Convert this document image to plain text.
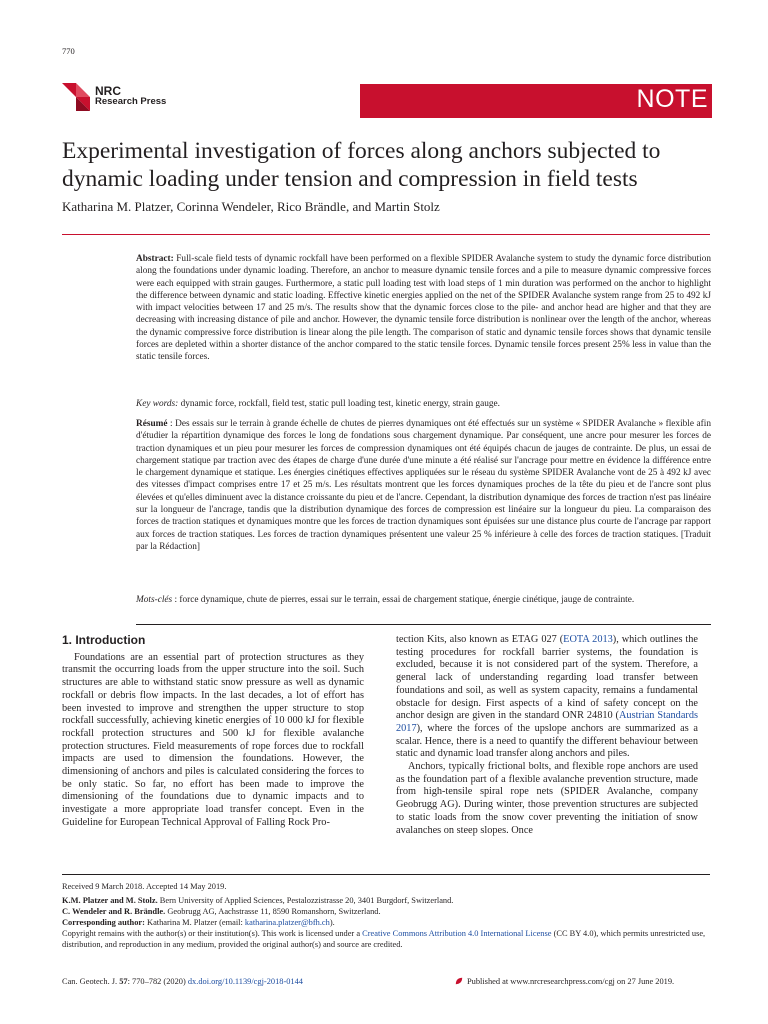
770
NRC
Research Press	NOTE
Experimental investigation of forces along anchors subjected to dynamic loading under tension and compression in field tests
Katharina M. Platzer, Corinna Wendeler, Rico Brändle, and Martin Stolz
Abstract: Full-scale field tests of dynamic rockfall have been performed on a flexible SPIDER Avalanche system to study the dynamic force distribution along the foundations under dynamic loading. Therefore, an anchor to measure dynamic tensile forces and a pile to measure dynamic compressive forces were each equipped with strain gauges. Furthermore, a static pull loading test with load steps of 1 min duration was performed on the anchor to highlight the difference between dynamic and static loading. Effective kinetic energies applied on the net of the SPIDER Avalanche system range from 25 to 492 kJ with impact velocities between 17 and 25 m/s. The results show that the dynamic forces close to the pile- and anchor head are higher and that they are decreasing with increasing distance of pile and anchor. However, the dynamic tensile force distribution is nonlinear over the length of the anchor, whereas the dynamic compressive force distribution is linear along the pile length. The comparison of static and dynamic tensile forces shows that dynamic tensile forces are depleted within a shorter distance of the anchor compared to the static tensile forces. Dynamic tensile forces present 25% less in value than the static tensile forces.
Key words: dynamic force, rockfall, field test, static pull loading test, kinetic energy, strain gauge.
Résumé : Des essais sur le terrain à grande échelle de chutes de pierres dynamiques ont été effectués sur un système « SPIDER Avalanche » flexible afin d'étudier la répartition dynamique des forces le long de fondations sous chargement dynamique. Par conséquent, une ancre pour mesurer les forces de traction dynamiques et un pieu pour mesurer les forces de compression dynamiques ont été équipés chacun de jauges de contrainte. De plus, un essai de chargement statique par traction avec des étapes de charge d'une durée d'une minute a été réalisé sur l'ancrage pour mettre en évidence la différence entre le chargement dynamique et statique. Les énergies cinétiques effectives appliquées sur le réseau du système SPIDER Avalanche vont de 25 à 492 kJ avec des vitesses d'impact comprises entre 17 et 25 m/s. Les résultats montrent que les forces dynamiques proches de la tête du pieu et de l'ancre sont plus élevées et qu'elles diminuent avec la distance croissante du pieu et de l'ancre. Cependant, la distribution dynamique des forces de traction n'est pas linéaire sur la longueur de l'ancrage, tandis que la distribution dynamique des forces de compression est linéaire sur la longueur du pieu. La comparaison des forces de traction statiques et dynamiques montre que les forces de traction dynamiques sont épuisées sur une distance plus courte de l'ancrage par rapport aux forces de traction statiques. Les forces de traction dynamiques présentent une valeur 25 % inférieure à celle des forces de traction statiques. [Traduit par la Rédaction]
Mots-clés : force dynamique, chute de pierres, essai sur le terrain, essai de chargement statique, énergie cinétique, jauge de contrainte.
1. Introduction

Foundations are an essential part of protection structures as they transmit the occurring loads from the upper structure into the soil. Such structures are able to withstand static snow pressure as well as dynamic rockfall or debris flow impacts. In the last decades, a lot of effort has been invested to improve and strengthen the upper structure to stop rockfall successfully, achieving kinetic energies of 10 000 kJ for flexible rockfall protection structures and 500 kJ for flexible avalanche protection structures. Field measurements of rope forces due to rockfall impacts are used to dimension the foundations. However, the dimensioning of anchors and piles is calculated considering the forces to be only static. So far, no effort has been made to improve the dimensioning of the foundations due to dynamic impacts and to investigate a more appropriate load transfer concept. Even in the Guideline for European Technical Approval of Falling Rock Pro-

tection Kits, also known as ETAG 027 (EOTA 2013), which outlines the testing procedures for rockfall barrier systems, the foundation is excluded, because it is not considered part of the system. Therefore, a general lack of understanding regarding load transfer between foundations and soil, as well as system capacity, remains a fundamental obstacle for design. First aspects of a kind of safety concept on the anchor design are given in the standard ONR 24810 (Austrian Standards 2017), where the forces of the upslope anchors are summarized as a scalar. Hence, there is a need to quantify the different behaviour between static and dynamic load transfer along anchors and piles.

Anchors, typically frictional bolts, and flexible rope anchors are used as the foundation part of a flexible avalanche prevention structure, made from high-tensile spiral rope nets (SPIDER Avalanche, company Geobrugg AG). During winter, those prevention structures are subjected to static loads from the snow cover preventing the initiation of snow avalanches on steep slopes. Once

Received 9 March 2018. Accepted 14 May 2019.

K.M. Platzer and M. Stolz. Bern University of Applied Sciences, Pestalozzistrasse 20, 3401 Burgdorf, Switzerland.

C. Wendeler and R. Brändle. Geobrugg AG, Aachstrasse 11, 8590 Romanshorn, Switzerland.

Corresponding author: Katharina M. Platzer (email: katharina.platzer@bfh.ch).

Copyright remains with the author(s) or their institution(s). This work is licensed under a Creative Commons Attribution 4.0 International License (CC BY 4.0), which permits unrestricted use, distribution, and reproduction in any medium, provided the original author(s) and source are credited.

Can. Geotech. J. 57: 770–782 (2020) dx.doi.org/10.1139/cgj-2018-0144	Published at www.nrcresearchpress.com/cgj on 27 June 2019.
